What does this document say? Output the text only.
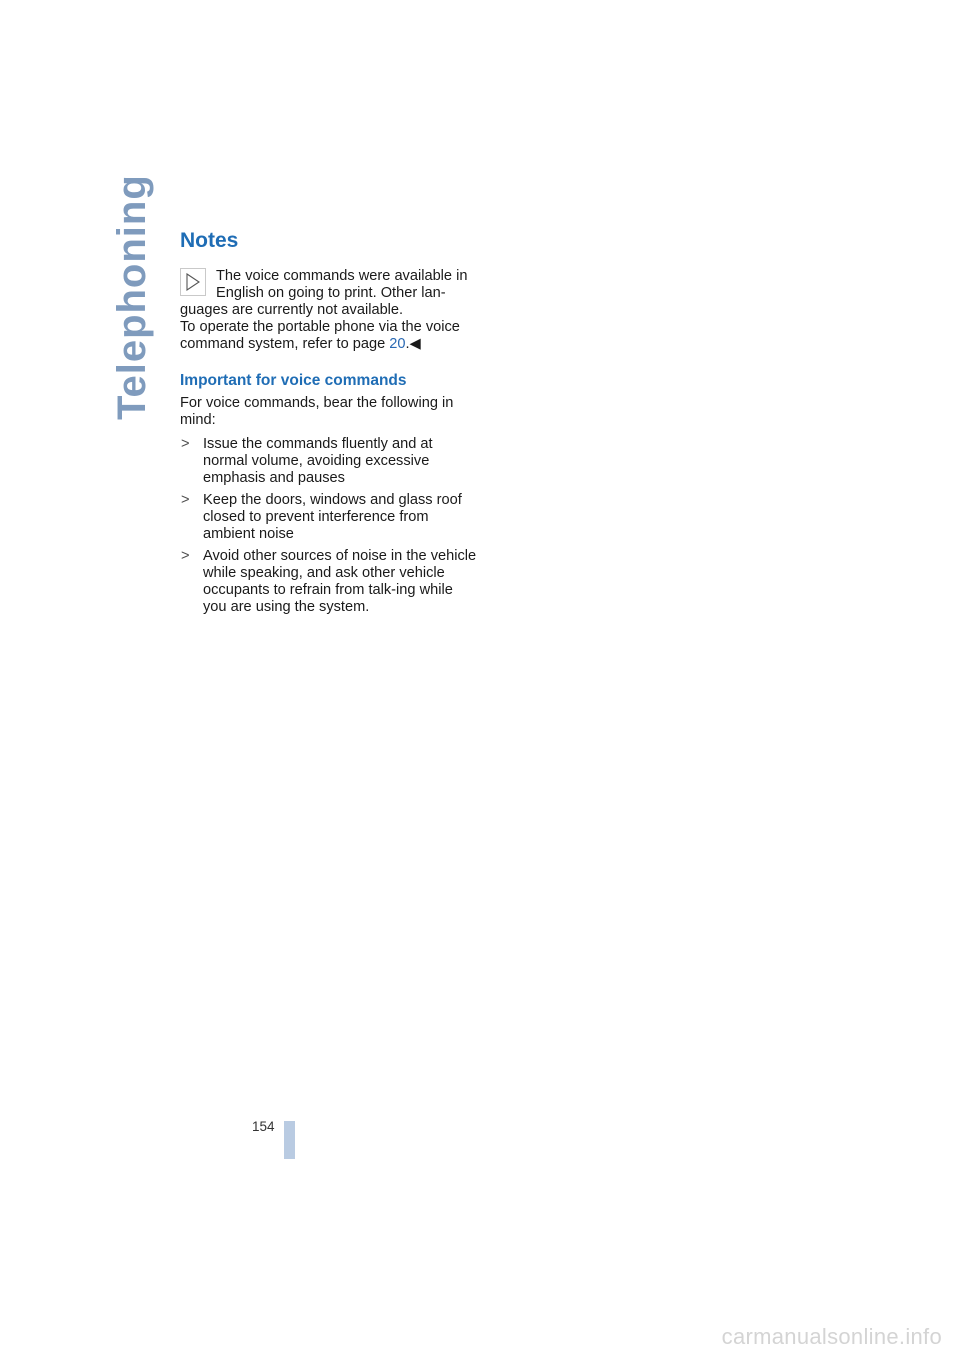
Telephoning Notes

The voice commands were available in English on going to print. Other lan-guages are currently not available.

To operate the portable phone via the voice command system, refer to page 20.◀

Important for voice commands

For voice commands, bear the following in mind:

> Issue the commands fluently and at normal volume, avoiding excessive emphasis and pauses
> Keep the doors, windows and glass roof closed to prevent interference from ambient noise
> Avoid other sources of noise in the vehicle while speaking, and ask other vehicle occupants to refrain from talk-ing while you are using the system.
154
carmanualsonline.info
